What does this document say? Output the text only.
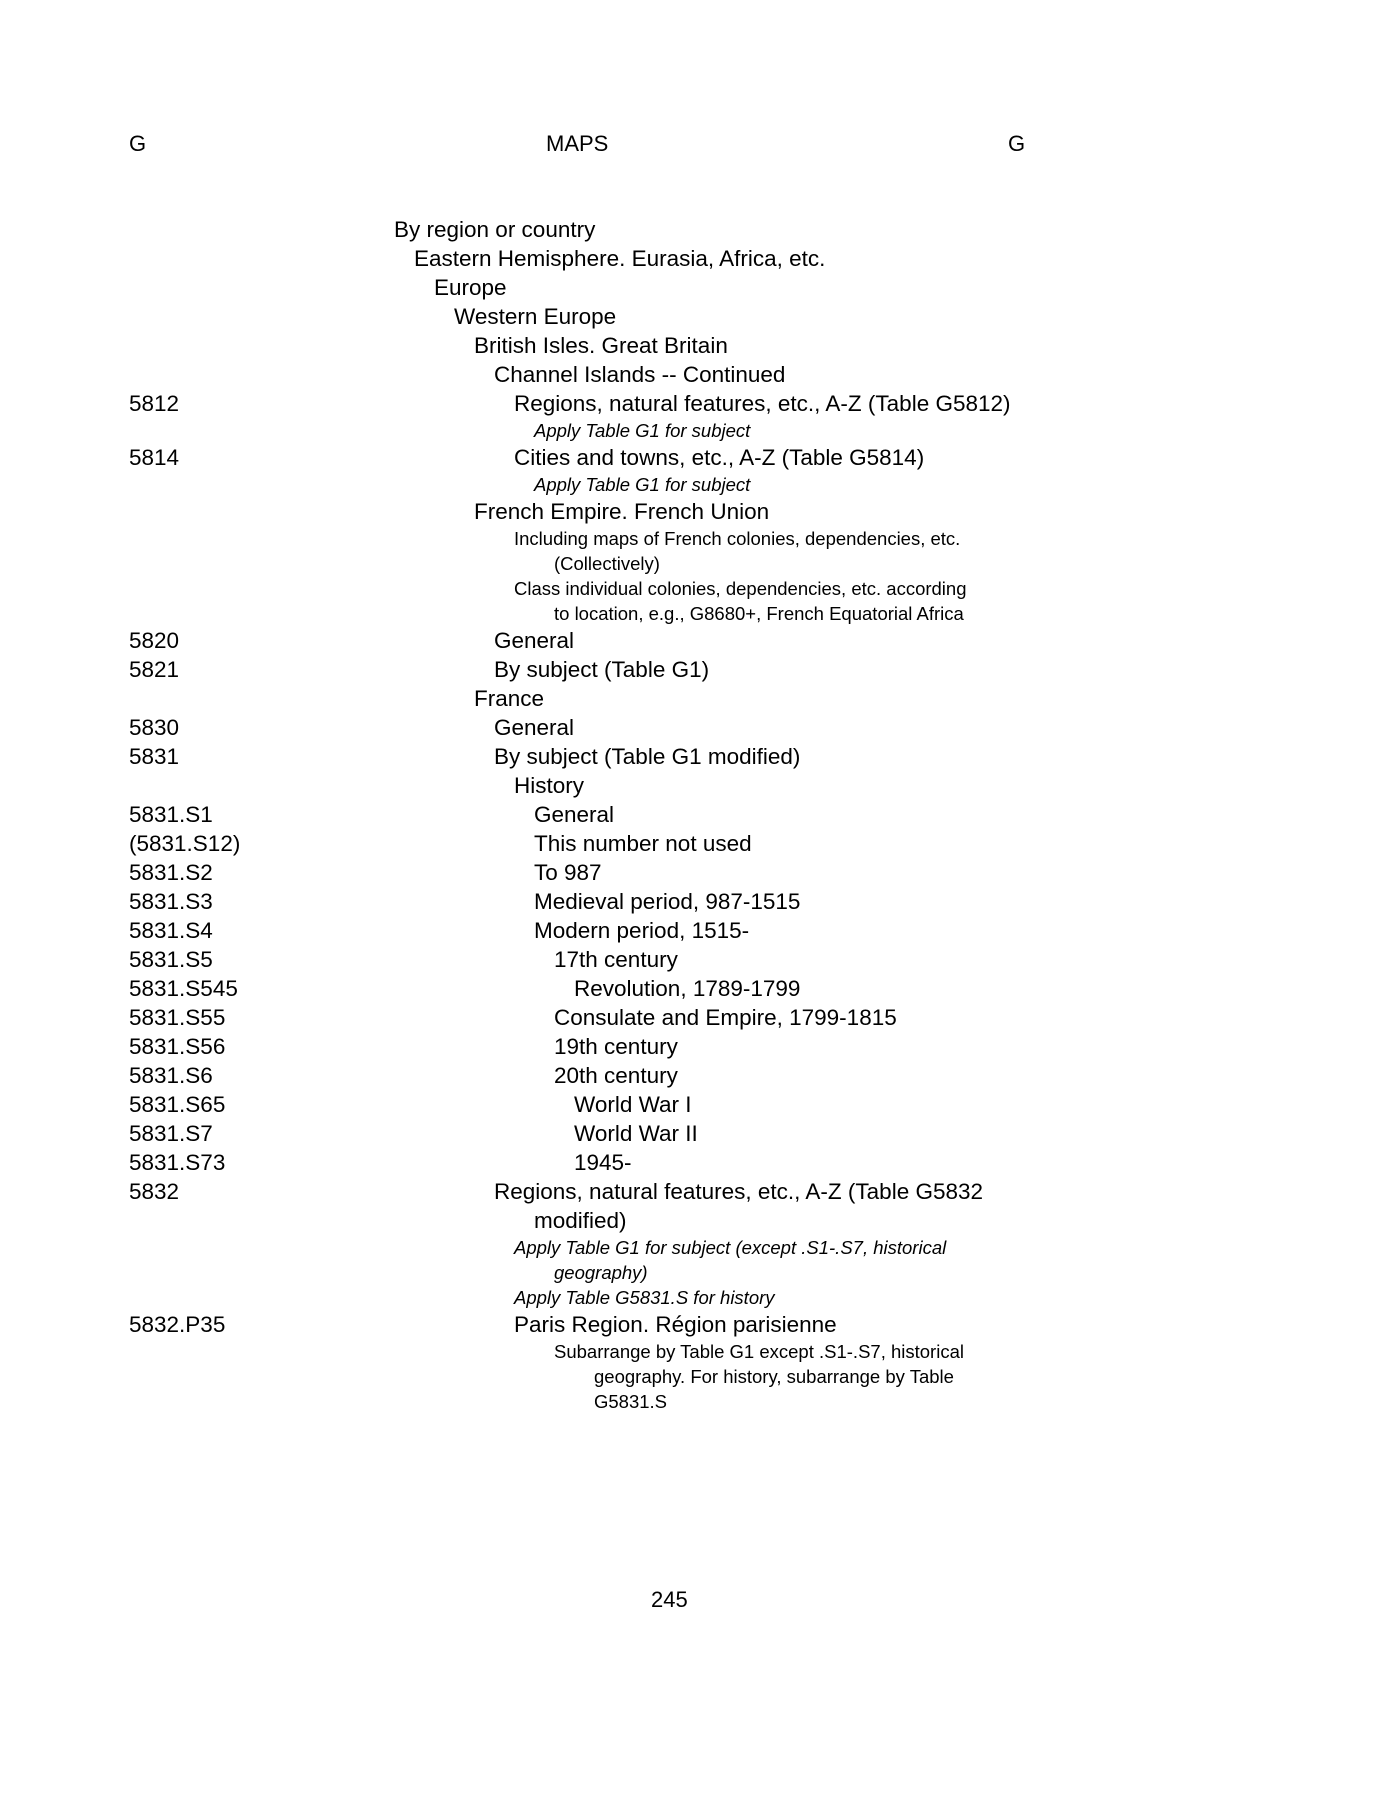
G	MAPS	G
By region or country
Eastern Hemisphere. Eurasia, Africa, etc.
Europe
Western Europe
British Isles. Great Britain
Channel Islands -- Continued
5812	Regions, natural features, etc., A-Z (Table G5812)
Apply Table G1 for subject
5814	Cities and towns, etc., A-Z (Table G5814)
Apply Table G1 for subject
French Empire. French Union
Including maps of French colonies, dependencies, etc.
(Collectively)
Class individual colonies, dependencies, etc. according
to location, e.g., G8680+, French Equatorial Africa
5820	General
5821	By subject (Table G1)
France
5830	General
5831	By subject (Table G1 modified)
History
5831.S1	General
(5831.S12)	This number not used
5831.S2	To 987
5831.S3	Medieval period, 987-1515
5831.S4	Modern period, 1515-
5831.S5	17th century
5831.S545	Revolution, 1789-1799
5831.S55	Consulate and Empire, 1799-1815
5831.S56	19th century
5831.S6	20th century
5831.S65	World War I
5831.S7	World War II
5831.S73	1945-
5832	Regions, natural features, etc., A-Z (Table G5832
modified)
Apply Table G1 for subject (except .S1-.S7, historical
geography)
Apply Table G5831.S for history
5832.P35	Paris Region. Région parisienne
Subarrange by Table G1 except .S1-.S7, historical
geography. For history, subarrange by Table
G5831.S
245
